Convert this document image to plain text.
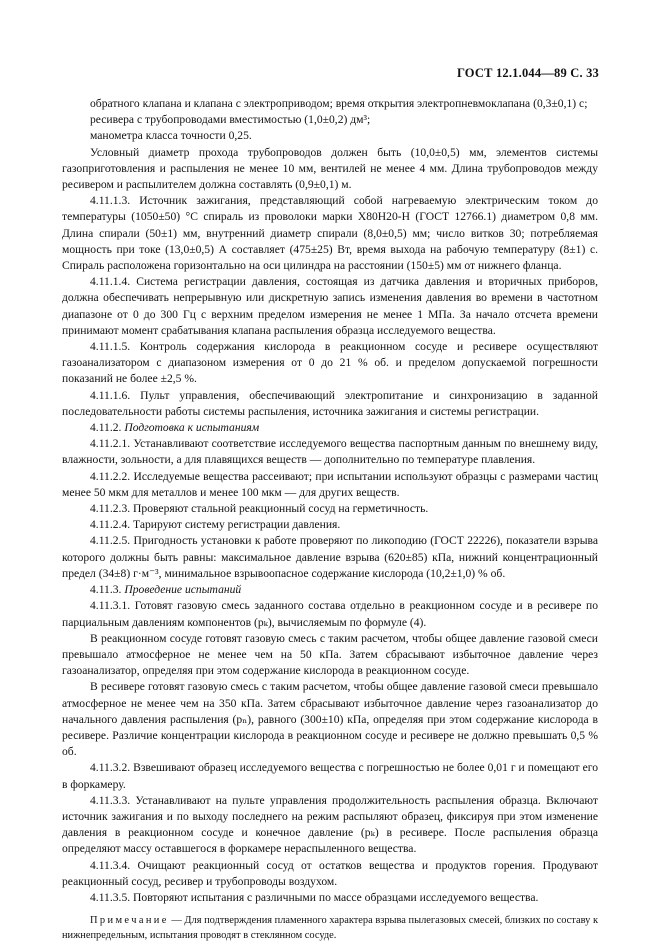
ГОСТ 12.1.044—89 С. 33

обратного клапана и клапана с электроприводом; время открытия электропневмоклапана (0,3±0,1) с;

ресивера с трубопроводами вместимостью (1,0±0,2) дм³;

манометра класса точности 0,25.

Условный диаметр прохода трубопроводов должен быть (10,0±0,5) мм, элементов системы газоприготовления и распыления не менее 10 мм, вентилей не менее 4 мм. Длина трубопроводов между ресивером и распылителем должна составлять (0,9±0,1) м.

4.11.1.3. Источник зажигания, представляющий собой нагреваемую электрическим током до температуры (1050±50) °С спираль из проволоки марки Х80Н20-Н (ГОСТ 12766.1) диаметром 0,8 мм. Длина спирали (50±1) мм, внутренний диаметр спирали (8,0±0,5) мм; число витков 30; потребляемая мощность при токе (13,0±0,5) А составляет (475±25) Вт, время выхода на рабочую температуру (8±1) с. Спираль расположена горизонтально на оси цилиндра на расстоянии (150±5) мм от нижнего фланца.

4.11.1.4. Система регистрации давления, состоящая из датчика давления и вторичных приборов, должна обеспечивать непрерывную или дискретную запись изменения давления во времени в частотном диапазоне от 0 до 300 Гц с верхним пределом измерения не менее 1 МПа. За начало отсчета времени принимают момент срабатывания клапана распыления образца исследуемого вещества.

4.11.1.5. Контроль содержания кислорода в реакционном сосуде и ресивере осуществляют газоанализатором с диапазоном измерения от 0 до 21 % об. и пределом допускаемой погрешности показаний не более ±2,5 %.

4.11.1.6. Пульт управления, обеспечивающий электропитание и синхронизацию в заданной последовательности работы системы распыления, источника зажигания и системы регистрации.

4.11.2. Подготовка к испытаниям

4.11.2.1. Устанавливают соответствие исследуемого вещества паспортным данным по внешнему виду, влажности, зольности, а для плавящихся веществ — дополнительно по температуре плавления.

4.11.2.2. Исследуемые вещества рассеивают; при испытании используют образцы с размерами частиц менее 50 мкм для металлов и менее 100 мкм — для других веществ.

4.11.2.3. Проверяют стальной реакционный сосуд на герметичность.

4.11.2.4. Тарируют систему регистрации давления.

4.11.2.5. Пригодность установки к работе проверяют по ликоподию (ГОСТ 22226), показатели взрыва которого должны быть равны: максимальное давление взрыва (620±85) кПа, нижний концентрационный предел (34±8) г·м⁻³, минимальное взрывоопасное содержание кислорода (10,2±1,0) % об.

4.11.3. Проведение испытаний

4.11.3.1. Готовят газовую смесь заданного состава отдельно в реакционном сосуде и в ресивере по парциальным давлениям компонентов (pₖ), вычисляемым по формуле (4).

В реакционном сосуде готовят газовую смесь с таким расчетом, чтобы общее давление газовой смеси превышало атмосферное не менее чем на 50 кПа. Затем сбрасывают избыточное давление через газоанализатор, определяя при этом содержание кислорода в реакционном сосуде.

В ресивере готовят газовую смесь с таким расчетом, чтобы общее давление газовой смеси превышало атмосферное не менее чем на 350 кПа. Затем сбрасывают избыточное давление через газоанализатор до начального давления распыления (pₙ), равного (300±10) кПа, определяя при этом содержание кислорода в ресивере. Различие концентрации кислорода в реакционном сосуде и ресивере не должно превышать 0,5 % об.

4.11.3.2. Взвешивают образец исследуемого вещества с погрешностью не более 0,01 г и помещают его в форкамеру.

4.11.3.3. Устанавливают на пульте управления продолжительность распыления образца. Включают источник зажигания и по выходу последнего на режим распыляют образец, фиксируя при этом изменение давления в реакционном сосуде и конечное давление (pₖ) в ресивере. После распыления образца определяют массу оставшегося в форкамере нераспыленного вещества.

4.11.3.4. Очищают реакционный сосуд от остатков вещества и продуктов горения. Продувают реакционный сосуд, ресивер и трубопроводы воздухом.

4.11.3.5. Повторяют испытания с различными по массе образцами исследуемого вещества.

Примечание — Для подтверждения пламенного характера взрыва пылегазовых смесей, близких по составу к нижнепредельным, испытания проводят в стеклянном сосуде.
